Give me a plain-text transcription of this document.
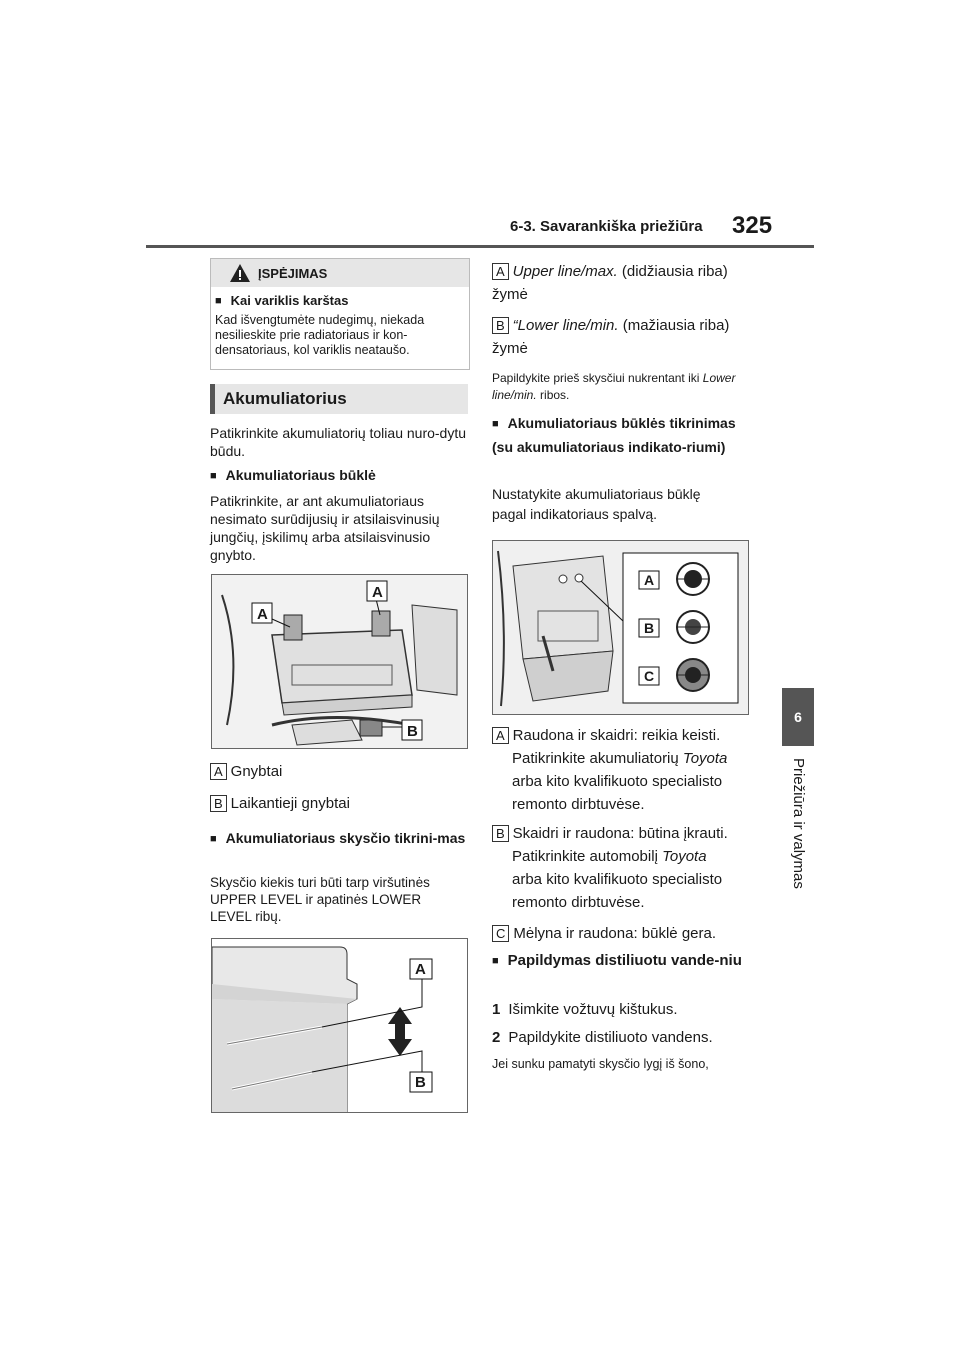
6-3. Savarankiška priežiūra 325
6
Priežiūra ir valymas
ĮSPĖJIMAS
■ Kai variklis karštas
Kad išvengtumėte nudegimų, niekada nesilieskite prie radiatoriaus ir kon-densatoriaus, kol variklis neataušo.
Akumuliatorius
Patikrinkite akumuliatorių toliau nuro-dytu būdu.
■ Akumuliatoriaus būklė
Patikrinkite, ar ant akumuliatoriaus nesimato surūdijusių ir atsilaisvinusių jungčių, įskilimų arba atsilaisvinusio gnybto.
A
A
B
A Gnybtai
B Laikantieji gnybtai
■ Akumuliatoriaus skysčio tikrini-mas
Skysčio kiekis turi būti tarp viršutinės UPPER LEVEL ir apatinės LOWER LEVEL ribų.
A
B
A Upper line/max. (didžiausia riba) žymė
B “Lower line/min. (mažiausia riba) žymė
Papildykite prieš skysčiui nukrentant iki Lower line/min. ribos.
■ Akumuliatoriaus būklės tikrinimas (su akumuliatoriaus indikato-riumi)
Nustatykite akumuliatoriaus būklę pagal indikatoriaus spalvą.
A
B
C
A Raudona ir skaidri: reikia keisti.
Patikrinkite akumuliatorių Toyota
arba kito kvalifikuoto specialisto remonto dirbtuvėse.
B Skaidri ir raudona: būtina įkrauti.
Patikrinkite automobilį Toyota
arba kito kvalifikuoto specialisto remonto dirbtuvėse.
C Mėlyna ir raudona: būklė gera.
■ Papildymas distiliuotu vande-niu
1 Išimkite vožtuvų kištukus.
2 Papildykite distiliuoto vandens.
Jei sunku pamatyti skysčio lygį iš šono,
